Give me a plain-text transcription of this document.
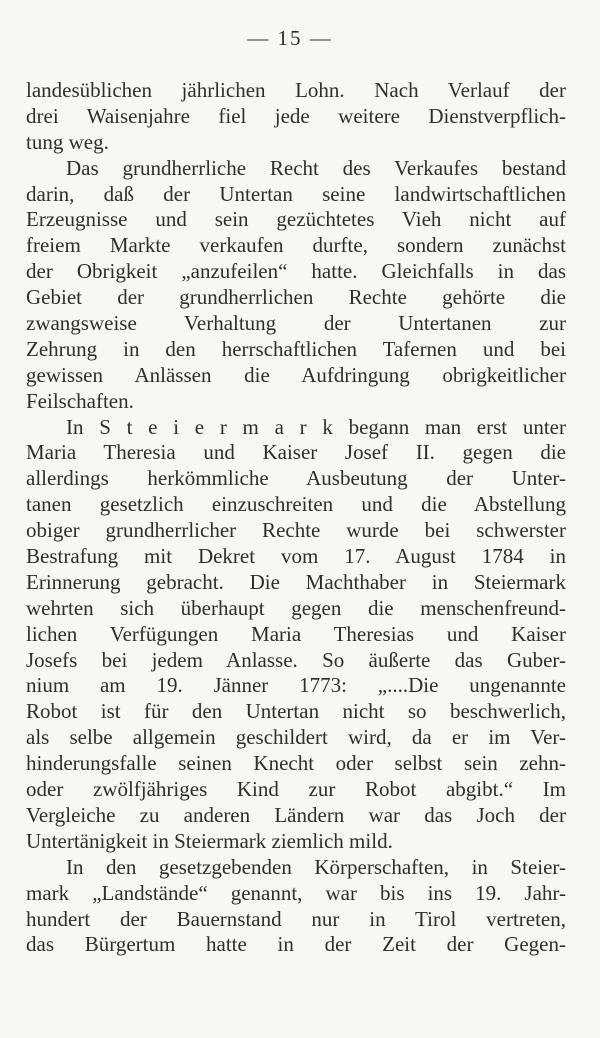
— 15 —
landesüblichen jährlichen Lohn. Nach Verlauf der
drei Waisenjahre fiel jede weitere Dienstverpflich-
tung weg.
Das grundherrliche Recht des Verkaufes bestand
darin, daß der Untertan seine landwirtschaftlichen
Erzeugnisse und sein gezüchtetes Vieh nicht auf
freiem Markte verkaufen durfte, sondern zunächst
der Obrigkeit „anzufeilen“ hatte. Gleichfalls in das
Gebiet der grundherrlichen Rechte gehörte die
zwangsweise Verhaltung der Untertanen zur
Zehrung in den herrschaftlichen Tafernen und bei
gewissen Anlässen die Aufdringung obrigkeitlicher
Feilschaften.
In S t e i e r m a r k begann man erst unter
Maria Theresia und Kaiser Josef II. gegen die
allerdings herkömmliche Ausbeutung der Unter-
tanen gesetzlich einzuschreiten und die Abstellung
obiger grundherrlicher Rechte wurde bei schwerster
Bestrafung mit Dekret vom 17. August 1784 in
Erinnerung gebracht. Die Machthaber in Steiermark
wehrten sich überhaupt gegen die menschenfreund-
lichen Verfügungen Maria Theresias und Kaiser
Josefs bei jedem Anlasse. So äußerte das Guber-
nium am 19. Jänner 1773: „....Die ungenannte
Robot ist für den Untertan nicht so beschwerlich,
als selbe allgemein geschildert wird, da er im Ver-
hinderungsfalle seinen Knecht oder selbst sein zehn-
oder zwölfjähriges Kind zur Robot abgibt.“ Im
Vergleiche zu anderen Ländern war das Joch der
Untertänigkeit in Steiermark ziemlich mild.
In den gesetzgebenden Körperschaften, in Steier-
mark „Landstände“ genannt, war bis ins 19. Jahr-
hundert der Bauernstand nur in Tirol vertreten,
das Bürgertum hatte in der Zeit der Gegen-
